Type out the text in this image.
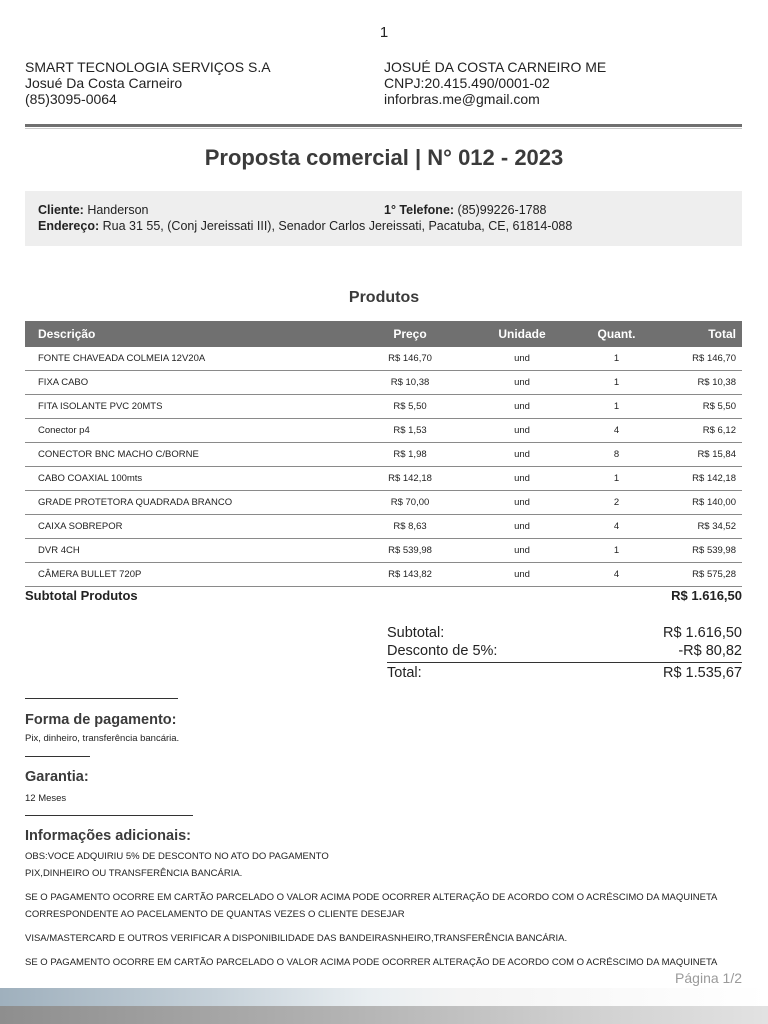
1
SMART TECNOLOGIA SERVIÇOS S.A
Josué Da Costa Carneiro
(85)3095-0064
JOSUÉ DA COSTA CARNEIRO ME
CNPJ:20.415.490/0001-02
inforbras.me@gmail.com
Proposta comercial | N° 012 - 2023
Cliente: Handerson	1° Telefone: (85)99226-1788
Endereço: Rua 31 55, (Conj Jereissati III), Senador Carlos Jereissati, Pacatuba, CE, 61814-088
Produtos
Descrição	Preço	Unidade	Quant.	Total
FONTE CHAVEADA COLMEIA 12V20A	R$ 146,70	und	1	R$ 146,70
FIXA CABO	R$ 10,38	und	1	R$ 10,38
FITA ISOLANTE PVC 20MTS	R$ 5,50	und	1	R$ 5,50
Conector p4	R$ 1,53	und	4	R$ 6,12
CONECTOR BNC MACHO C/BORNE	R$ 1,98	und	8	R$ 15,84
CABO COAXIAL 100mts	R$ 142,18	und	1	R$ 142,18
GRADE PROTETORA QUADRADA BRANCO	R$ 70,00	und	2	R$ 140,00
CAIXA SOBREPOR	R$ 8,63	und	4	R$ 34,52
DVR 4CH	R$ 539,98	und	1	R$ 539,98
CÂMERA BULLET 720P	R$ 143,82	und	4	R$ 575,28
Subtotal Produtos	R$ 1.616,50
Subtotal:	R$ 1.616,50
Desconto de 5%:	-R$ 80,82
Total:	R$ 1.535,67
Forma de pagamento:
Pix, dinheiro, transferência bancária.
Garantia:
12 Meses
Informações adicionais:
OBS:VOCE ADQUIRIU 5% DE DESCONTO NO ATO DO PAGAMENTO
PIX,DINHEIRO OU TRANSFERÊNCIA BANCÁRIA.
SE O PAGAMENTO OCORRE EM CARTÃO PARCELADO O VALOR ACIMA PODE OCORRER ALTERAÇÃO DE ACORDO COM O ACRÉSCIMO DA MAQUINETA
CORRESPONDENTE AO PACELAMENTO DE QUANTAS VEZES O CLIENTE DESEJAR
VISA/MASTERCARD E OUTROS VERIFICAR A DISPONIBILIDADE DAS BANDEIRASNHEIRO,TRANSFERÊNCIA BANCÁRIA.
SE O PAGAMENTO OCORRE EM CARTÃO PARCELADO O VALOR ACIMA PODE OCORRER ALTERAÇÃO DE ACORDO COM O ACRÉSCIMO DA MAQUINETA
Página 1/2
